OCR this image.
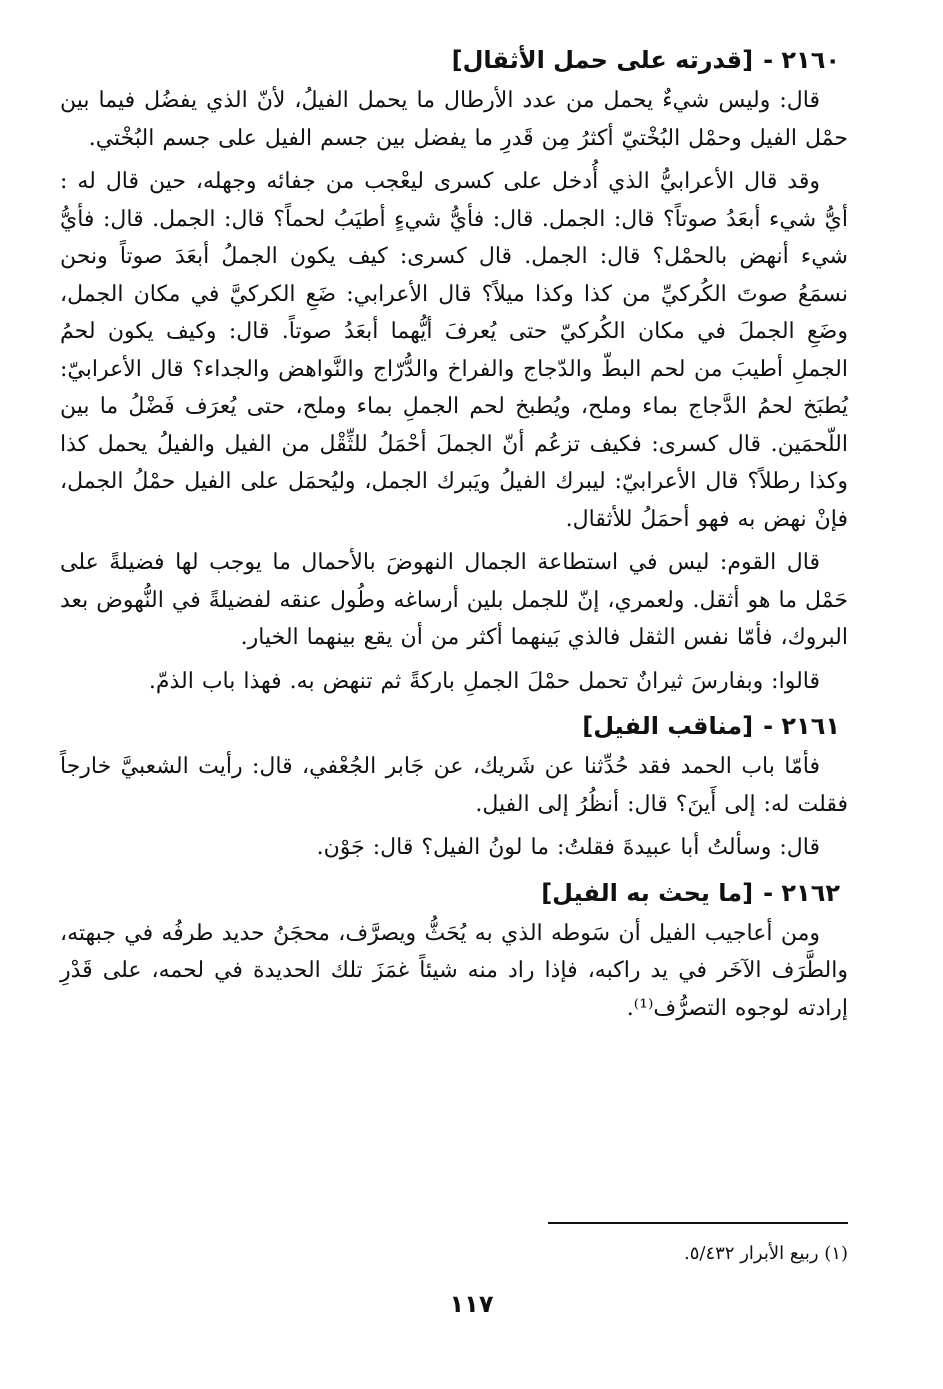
٢١٦٠ -[قدرته على حمل الأثقال]

قال: وليس شيءٌ يحمل من عدد الأرطال ما يحمل الفيلُ، لأنّ الذي يفضُل فيما بين حمْل الفيل وحمْل البُخْتيّ أكثرُ مِن قَدرِ ما يفضل بين جسم الفيل على جسم البُخْتي.

وقد قال الأعرابيُّ الذي أُدخل على كسرى ليعْجب من جفائه وجهله، حين قال له : أيُّ شيء أبعَدُ صوتاً؟ قال: الجمل. قال: فأيُّ شيءٍ أطيَبُ لحماً؟ قال: الجمل. قال: فأيُّ شيء أنهض بالحمْل؟ قال: الجمل. قال كسرى: كيف يكون الجملُ أبعَدَ صوتاً ونحن نسمَعُ صوتَ الكُركيِّ من كذا وكذا ميلاً؟ قال الأعرابي: ضَعِ الكركيَّ في مكان الجمل، وضَعِ الجملَ في مكان الكُركيّ حتى يُعرفَ أيُّهما أبعَدُ صوتاً. قال: وكيف يكون لحمُ الجملِ أطيبَ من لحم البطّ والدّجاج والفراخ والدُّرّاج والنَّواهض والجداء؟ قال الأعرابيّ: يُطبَخ لحمُ الدَّجاج بماء وملح، ويُطبخ لحم الجملِ بماء وملح، حتى يُعرَف فَضْلُ ما بين اللّحمَين. قال كسرى: فكيف تزعُم أنّ الجملَ أحْمَلُ للثِّقْل من الفيل والفيلُ يحمل كذا وكذا رطلاً؟ قال الأعرابيّ: ليبرك الفيلُ ويَبرك الجمل، وليُحمَل على الفيل حمْلُ الجمل، فإنْ نهض به فهو أحمَلُ للأثقال.

قال القوم: ليس في استطاعة الجمال النهوضَ بالأحمال ما يوجب لها فضيلةً على حَمْل ما هو أثقل. ولعمري، إنّ للجمل بلين أرساغه وطُول عنقه لفضيلةً في النُّهوض بعد البروك، فأمّا نفس الثقل فالذي بَينهما أكثر من أن يقع بينهما الخيار.

قالوا: وبفارسَ ثيرانٌ تحمل حمْلَ الجملِ باركةً ثم تنهض به. فهذا باب الذمّ.

٢١٦١ -[مناقب الفيل]

فأمّا باب الحمد فقد حُدِّثنا عن شَريك، عن جَابر الجُعْفي، قال: رأيت الشعبيَّ خارجاً فقلت له: إلى أَينَ؟ قال: أنظُرُ إلى الفيل.

قال: وسألتُ أبا عبيدةَ فقلتُ: ما لونُ الفيل؟ قال: جَوْن.

٢١٦٢ -[ما يحث به الفيل]

ومن أعاجيب الفيل أن سَوطه الذي به يُحَثُّ ويصرَّف، محجَنُ حديد طرفُه في جبهته، والطَّرَف الآخَر في يد راكبه، فإذا راد منه شيئاً غمَزَ تلك الحديدة في لحمه، على قَدْرِ إرادته لوجوه التصرُّف⁽¹⁾.

(١) ربيع الأبرار ٥/٤٣٢.
١١٧
